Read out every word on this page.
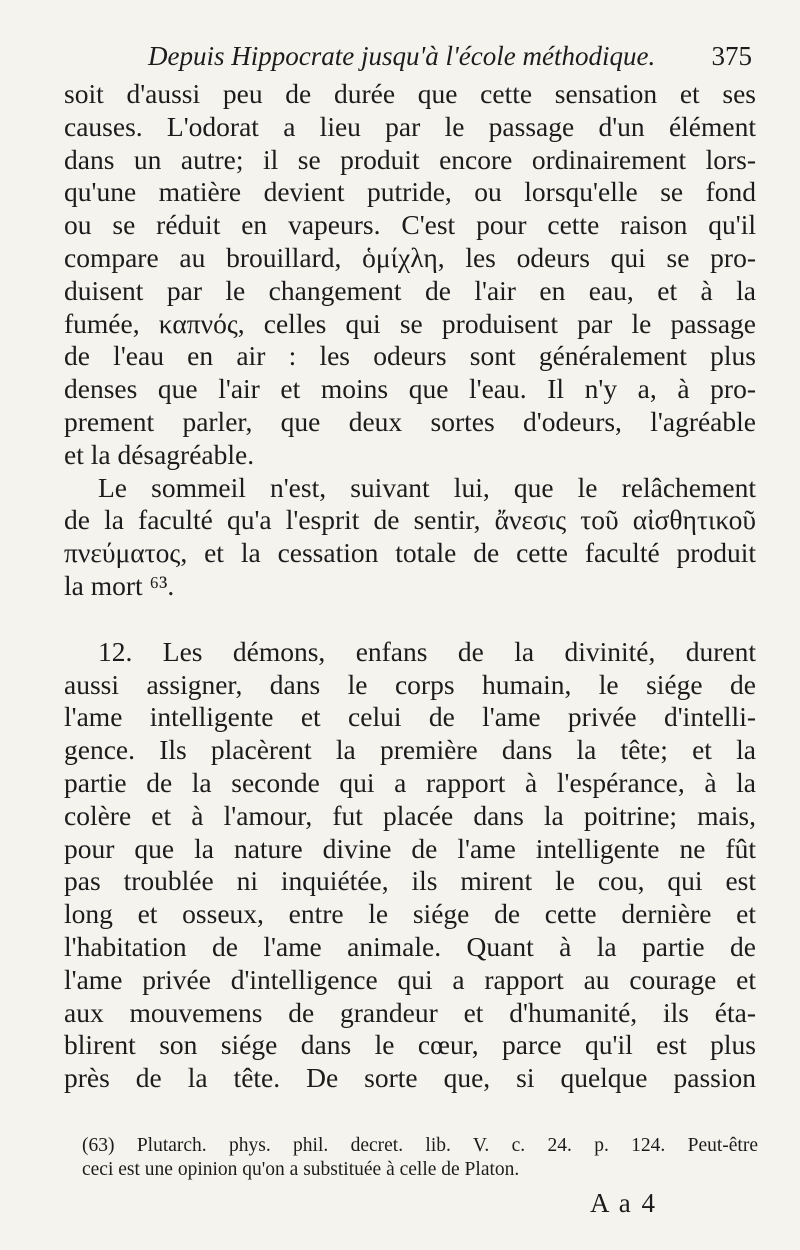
Depuis Hippocrate jusqu'à l'école méthodique. 375
soit d'aussi peu de durée que cette sensation et ses
causes. L'odorat a lieu par le passage d'un élément
dans un autre; il se produit encore ordinairement lors-
qu'une matière devient putride, ou lorsqu'elle se fond
ou se réduit en vapeurs. C'est pour cette raison qu'il
compare au brouillard, ὁμίχλη, les odeurs qui se pro-
duisent par le changement de l'air en eau, et à la
fumée, καπνός, celles qui se produisent par le passage
de l'eau en air : les odeurs sont généralement plus
denses que l'air et moins que l'eau. Il n'y a, à pro-
prement parler, que deux sortes d'odeurs, l'agréable
et la désagréable.
Le sommeil n'est, suivant lui, que le relâchement
de la faculté qu'a l'esprit de sentir, ἄνεσις τοῦ αἰσθητικοῦ
πνεύματος, et la cessation totale de cette faculté produit
la mort ⁶³.
12. Les démons, enfans de la divinité, durent
aussi assigner, dans le corps humain, le siége de
l'ame intelligente et celui de l'ame privée d'intelli-
gence. Ils placèrent la première dans la tête; et la
partie de la seconde qui a rapport à l'espérance, à la
colère et à l'amour, fut placée dans la poitrine; mais,
pour que la nature divine de l'ame intelligente ne fût
pas troublée ni inquiétée, ils mirent le cou, qui est
long et osseux, entre le siége de cette dernière et
l'habitation de l'ame animale. Quant à la partie de
l'ame privée d'intelligence qui a rapport au courage et
aux mouvemens de grandeur et d'humanité, ils éta-
blirent son siége dans le cœur, parce qu'il est plus
près de la tête. De sorte que, si quelque passion
(63) Plutarch. phys. phil. decret. lib. V. c. 24. p. 124. Peut-être
ceci est une opinion qu'on a substituée à celle de Platon.
A a 4
